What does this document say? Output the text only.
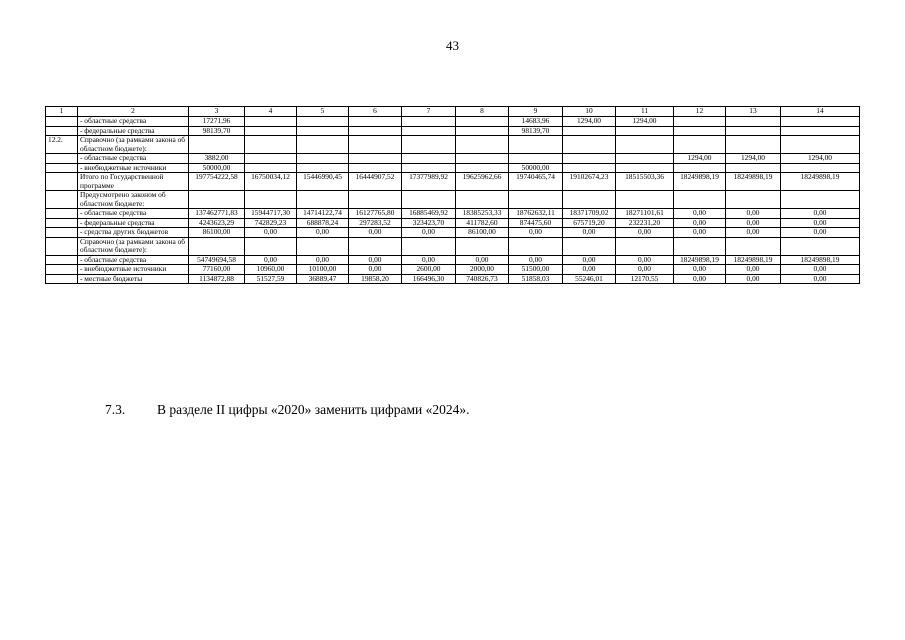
43
1	2	3	4	5	6	7	8	9	10	11	12	13	14
	- областные средства	17271,96						14683,96	1294,00	1294,00			
	- федеральные средства	98139,70						98139,70					
12.2.	Справочно (за рамками закона об областном бюджете):												
	- областные средства	3882,00									1294,00	1294,00	1294,00
	- внебюджетные источники	50000,00						50000,00					
	Итого по Государственной программе	197754222,58	16750034,12	15446990,45	16444907,52	17377989,92	19625962,66	19740465,74	19102674,23	18515503,36	18249898,19	18249898,19	18249898,19
	Предусмотрено законом об областном бюджете:												
	- областные средства	137462771,83	15944717,30	14714122,74	16127765,80	16885469,92	18385253,33	18762632,11	18371709,02	18271101,61	0,00	0,00	0,00
	- федеральные средства	4243623,29	742829,23	688878,24	297283,52	323423,70	411782,60	874475,60	675719,20	232231,20	0,00	0,00	0,00
	- средства других бюджетов	86100,00	0,00	0,00	0,00	0,00	86100,00	0,00	0,00	0,00	0,00	0,00	0,00
	Справочно (за рамками закона об областном бюджете):												
	- областные средства	54749694,58	0,00	0,00	0,00	0,00	0,00	0,00	0,00	0,00	18249898,19	18249898,19	18249898,19
	- внебюджетные источники	77160,00	10960,00	10100,00	0,00	2600,00	2000,00	51500,00	0,00	0,00	0,00	0,00	0,00
	- местные бюджеты	1134872,88	51527,59	36889,47	19858,20	166496,30	740826,73	51858,03	55246,01	12170,55	0,00	0,00	0,00
7.3. В разделе II цифры «2020» заменить цифрами «2024».
